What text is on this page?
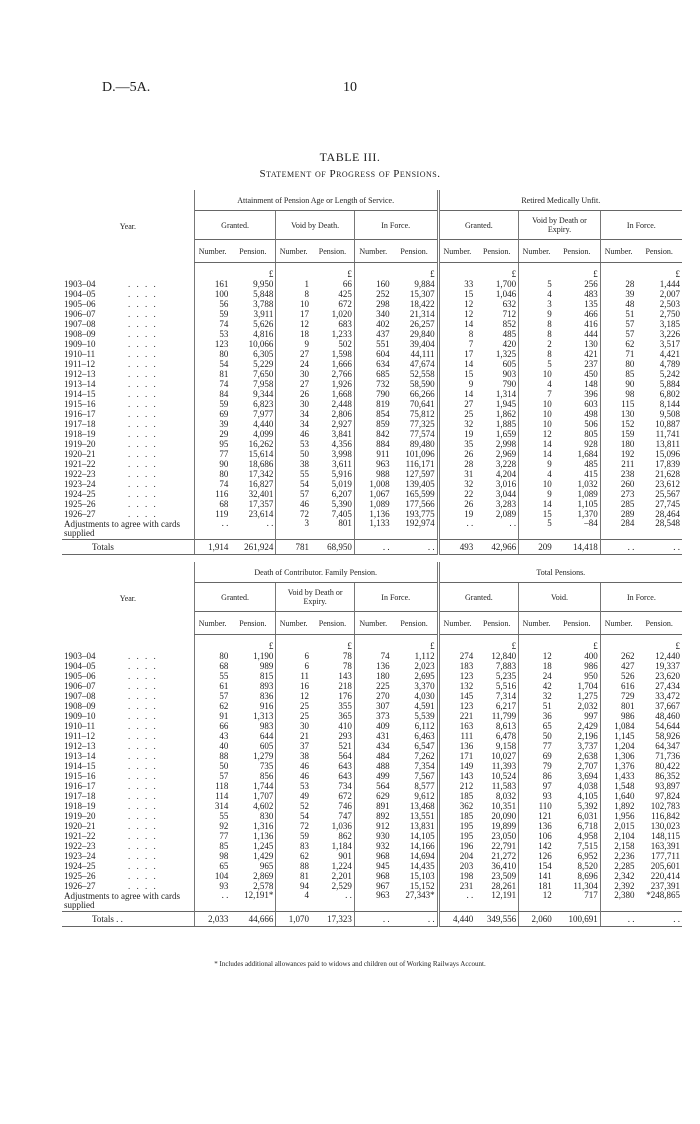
D.—5A.	10
TABLE III.
Statement of Progress of Pensions.
Year.	Attainment of Pension Age or Length of Service.						Retired Medically Unfit.					
	Granted.		Void by Death.		In Force.		Granted.		Void by Death or Expiry.		In Force.	
	Number.	Pension.	Number.	Pension.	Number.	Pension.	Number.	Pension.	Number.	Pension.	Number.	Pension.
		£		£		£		£		£		£
1903–04 . . . .	161	9,950	1	66	160	9,884	33	1,700	5	256	28	1,444
1904–05 . . . .	100	5,848	8	425	252	15,307	15	1,046	4	483	39	2,007
1905–06 . . . .	56	3,788	10	672	298	18,422	12	632	3	135	48	2,503
1906–07 . . . .	59	3,911	17	1,020	340	21,314	12	712	9	466	51	2,750
1907–08 . . . .	74	5,626	12	683	402	26,257	14	852	8	416	57	3,185
1908–09 . . . .	53	4,816	18	1,233	437	29,840	8	485	8	444	57	3,226
1909–10 . . . .	123	10,066	9	502	551	39,404	7	420	2	130	62	3,517
1910–11 . . . .	80	6,305	27	1,598	604	44,111	17	1,325	8	421	71	4,421
1911–12 . . . .	54	5,229	24	1,666	634	47,674	14	605	5	237	80	4,789
1912–13 . . . .	81	7,650	30	2,766	685	52,558	15	903	10	450	85	5,242
1913–14 . . . .	74	7,958	27	1,926	732	58,590	9	790	4	148	90	5,884
1914–15 . . . .	84	9,344	26	1,668	790	66,266	14	1,314	7	396	98	6,802
1915–16 . . . .	59	6,823	30	2,448	819	70,641	27	1,945	10	603	115	8,144
1916–17 . . . .	69	7,977	34	2,806	854	75,812	25	1,862	10	498	130	9,508
1917–18 . . . .	39	4,440	34	2,927	859	77,325	32	1,885	10	506	152	10,887
1918–19 . . . .	29	4,099	46	3,841	842	77,574	19	1,659	12	805	159	11,741
1919–20 . . . .	95	16,262	53	4,356	884	89,480	35	2,998	14	928	180	13,811
1920–21 . . . .	77	15,614	50	3,998	911	101,096	26	2,969	14	1,684	192	15,096
1921–22 . . . .	90	18,686	38	3,611	963	116,171	28	3,228	9	485	211	17,839
1922–23 . . . .	80	17,342	55	5,916	988	127,597	31	4,204	4	415	238	21,628
1923–24 . . . .	74	16,827	54	5,019	1,008	139,405	32	3,016	10	1,032	260	23,612
1924–25 . . . .	116	32,401	57	6,207	1,067	165,599	22	3,044	9	1,089	273	25,567
1925–26 . . . .	68	17,357	46	5,390	1,089	177,566	26	3,283	14	1,105	285	27,745
1926–27 . . . .	119	23,614	72	7,405	1,136	193,775	19	2,089	15	1,370	289	28,464
Adjustments to agree with cards supplied	. .	. .	3	801	1,133	192,974	. .	. .	5	–84	284	28,548
Totals	1,914	261,924	781	68,950	. .	. .	493	42,966	209	14,418	. .	. .
Year.	Death of Contributor. Family Pension.						Total Pensions.					
	Granted.		Void by Death or Expiry.		In Force.		Granted.		Void.		In Force.	
	Number.	Pension.	Number.	Pension.	Number.	Pension.	Number.	Pension.	Number.	Pension.	Number.	Pension.
		£		£		£		£		£		£
1903–04 . . . .	80	1,190	6	78	74	1,112	274	12,840	12	400	262	12,440
1904–05 . . . .	68	989	6	78	136	2,023	183	7,883	18	986	427	19,337
1905–06 . . . .	55	815	11	143	180	2,695	123	5,235	24	950	526	23,620
1906–07 . . . .	61	893	16	218	225	3,370	132	5,516	42	1,704	616	27,434
1907–08 . . . .	57	836	12	176	270	4,030	145	7,314	32	1,275	729	33,472
1908–09 . . . .	62	916	25	355	307	4,591	123	6,217	51	2,032	801	37,667
1909–10 . . . .	91	1,313	25	365	373	5,539	221	11,799	36	997	986	48,460
1910–11 . . . .	66	983	30	410	409	6,112	163	8,613	65	2,429	1,084	54,644
1911–12 . . . .	43	644	21	293	431	6,463	111	6,478	50	2,196	1,145	58,926
1912–13 . . . .	40	605	37	521	434	6,547	136	9,158	77	3,737	1,204	64,347
1913–14 . . . .	88	1,279	38	564	484	7,262	171	10,027	69	2,638	1,306	71,736
1914–15 . . . .	50	735	46	643	488	7,354	149	11,393	79	2,707	1,376	80,422
1915–16 . . . .	57	856	46	643	499	7,567	143	10,524	86	3,694	1,433	86,352
1916–17 . . . .	118	1,744	53	734	564	8,577	212	11,583	97	4,038	1,548	93,897
1917–18 . . . .	114	1,707	49	672	629	9,612	185	8,032	93	4,105	1,640	97,824
1918–19 . . . .	314	4,602	52	746	891	13,468	362	10,351	110	5,392	1,892	102,783
1919–20 . . . .	55	830	54	747	892	13,551	185	20,090	121	6,031	1,956	116,842
1920–21 . . . .	92	1,316	72	1,036	912	13,831	195	19,899	136	6,718	2,015	130,023
1921–22 . . . .	77	1,136	59	862	930	14,105	195	23,050	106	4,958	2,104	148,115
1922–23 . . . .	85	1,245	83	1,184	932	14,166	196	22,791	142	7,515	2,158	163,391
1923–24 . . . .	98	1,429	62	901	968	14,694	204	21,272	126	6,952	2,236	177,711
1924–25 . . . .	65	965	88	1,224	945	14,435	203	36,410	154	8,520	2,285	205,601
1925–26 . . . .	104	2,869	81	2,201	968	15,103	198	23,509	141	8,696	2,342	220,414
1926–27 . . . .	93	2,578	94	2,529	967	15,152	231	28,261	181	11,304	2,392	237,391
Adjustments to agree with cards supplied	. .	12,191*	4	. .	963	27,343*	. .	12,191	12	717	2,380	*248,865
Totals . .	2,033	44,666	1,070	17,323	. .	. .	4,440	349,556	2,060	100,691	. .	. .
* Includes additional allowances paid to widows and children out of Working Railways Account.
